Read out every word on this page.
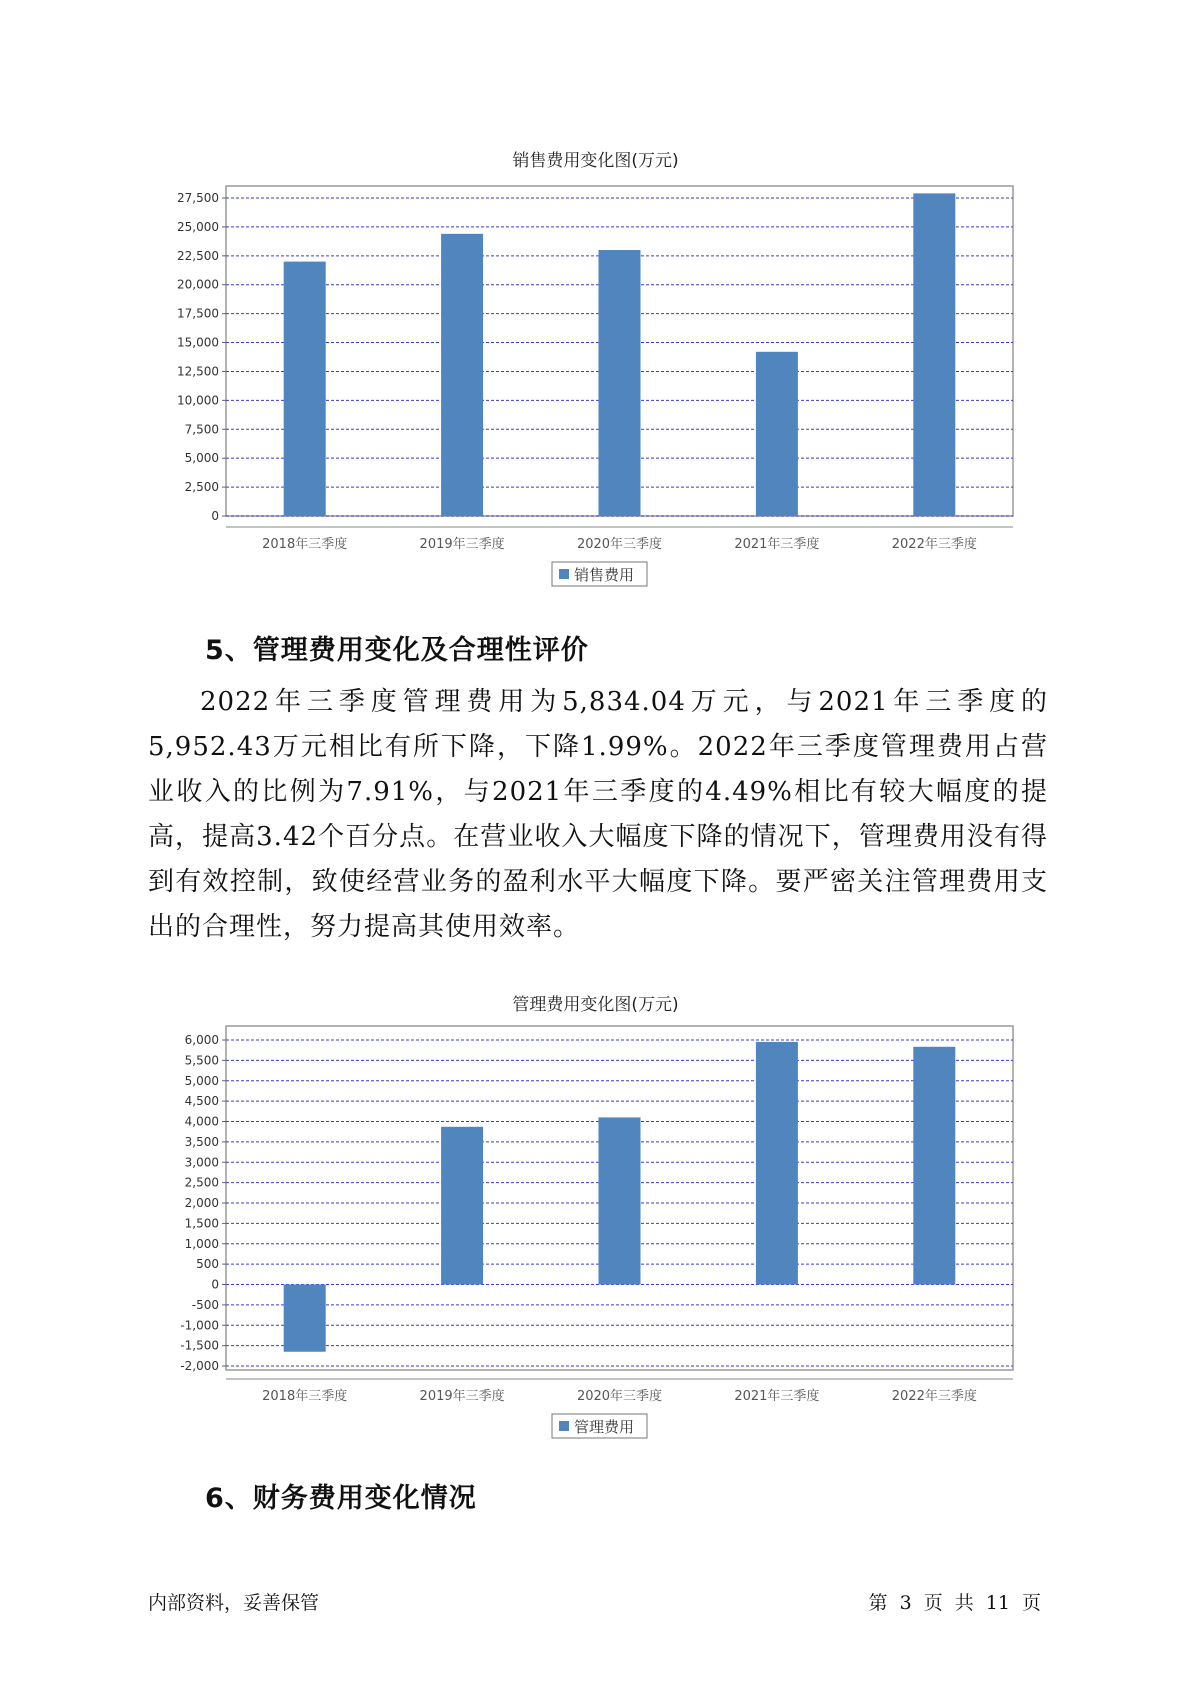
销售费用变化图(万元)
0
2,500
5,000
7,500
10,000
12,500
15,000
17,500
20,000
22,500
25,000
27,500
2018年三季度	2019年三季度	2020年三季度	2021年三季度	2022年三季度
销售费用
5、管理费用变化及合理性评价
2022年三季度管理费用为5,834.04万元，与2021年三季度的5,952.43万元相比有所下降，下降1.99%。2022年三季度管理费用占营业收入的比例为7.91%，与2021年三季度的4.49%相比有较大幅度的提高，提高3.42个百分点。在营业收入大幅度下降的情况下，管理费用没有得到有效控制，致使经营业务的盈利水平大幅度下降。要严密关注管理费用支出的合理性，努力提高其使用效率。
管理费用变化图(万元)
-2,000
-1,500
-1,000
-500
0
500
1,000
1,500
2,000
2,500
3,000
3,500
4,000
4,500
5,000
5,500
6,000
2018年三季度	2019年三季度	2020年三季度	2021年三季度	2022年三季度
管理费用
6、财务费用变化情况
内部资料，妥善保管	第 3 页 共 11 页
